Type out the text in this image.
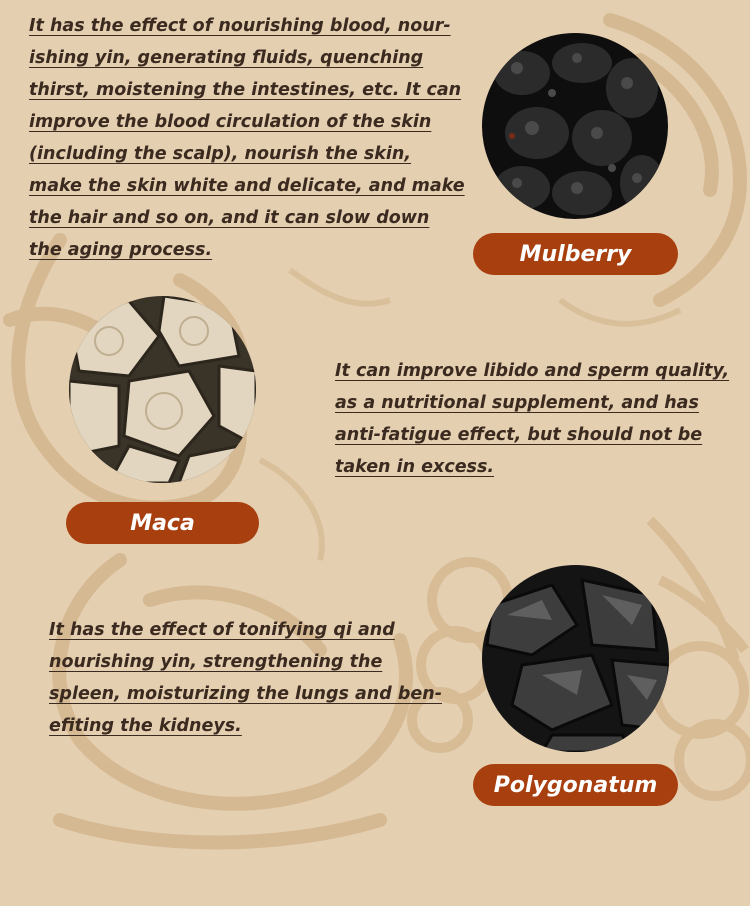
It has the effect of nourishing blood, nour-
ishing yin, generating fluids, quenching
thirst, moistening the intestines, etc. It can
improve the blood circulation of the skin
(including the scalp), nourish the skin,
make the skin white and delicate, and make
the hair and so on, and it can slow down
the aging process.	Mulberry
Maca

It can improve libido and sperm quality,
as a nutritional supplement, and has
anti-fatigue effect, but should not be
taken in excess.

It has the effect of tonifying qi and
nourishing yin, strengthening the
spleen, moisturizing the lungs and ben-
efiting the kidneys.

Polygonatum
